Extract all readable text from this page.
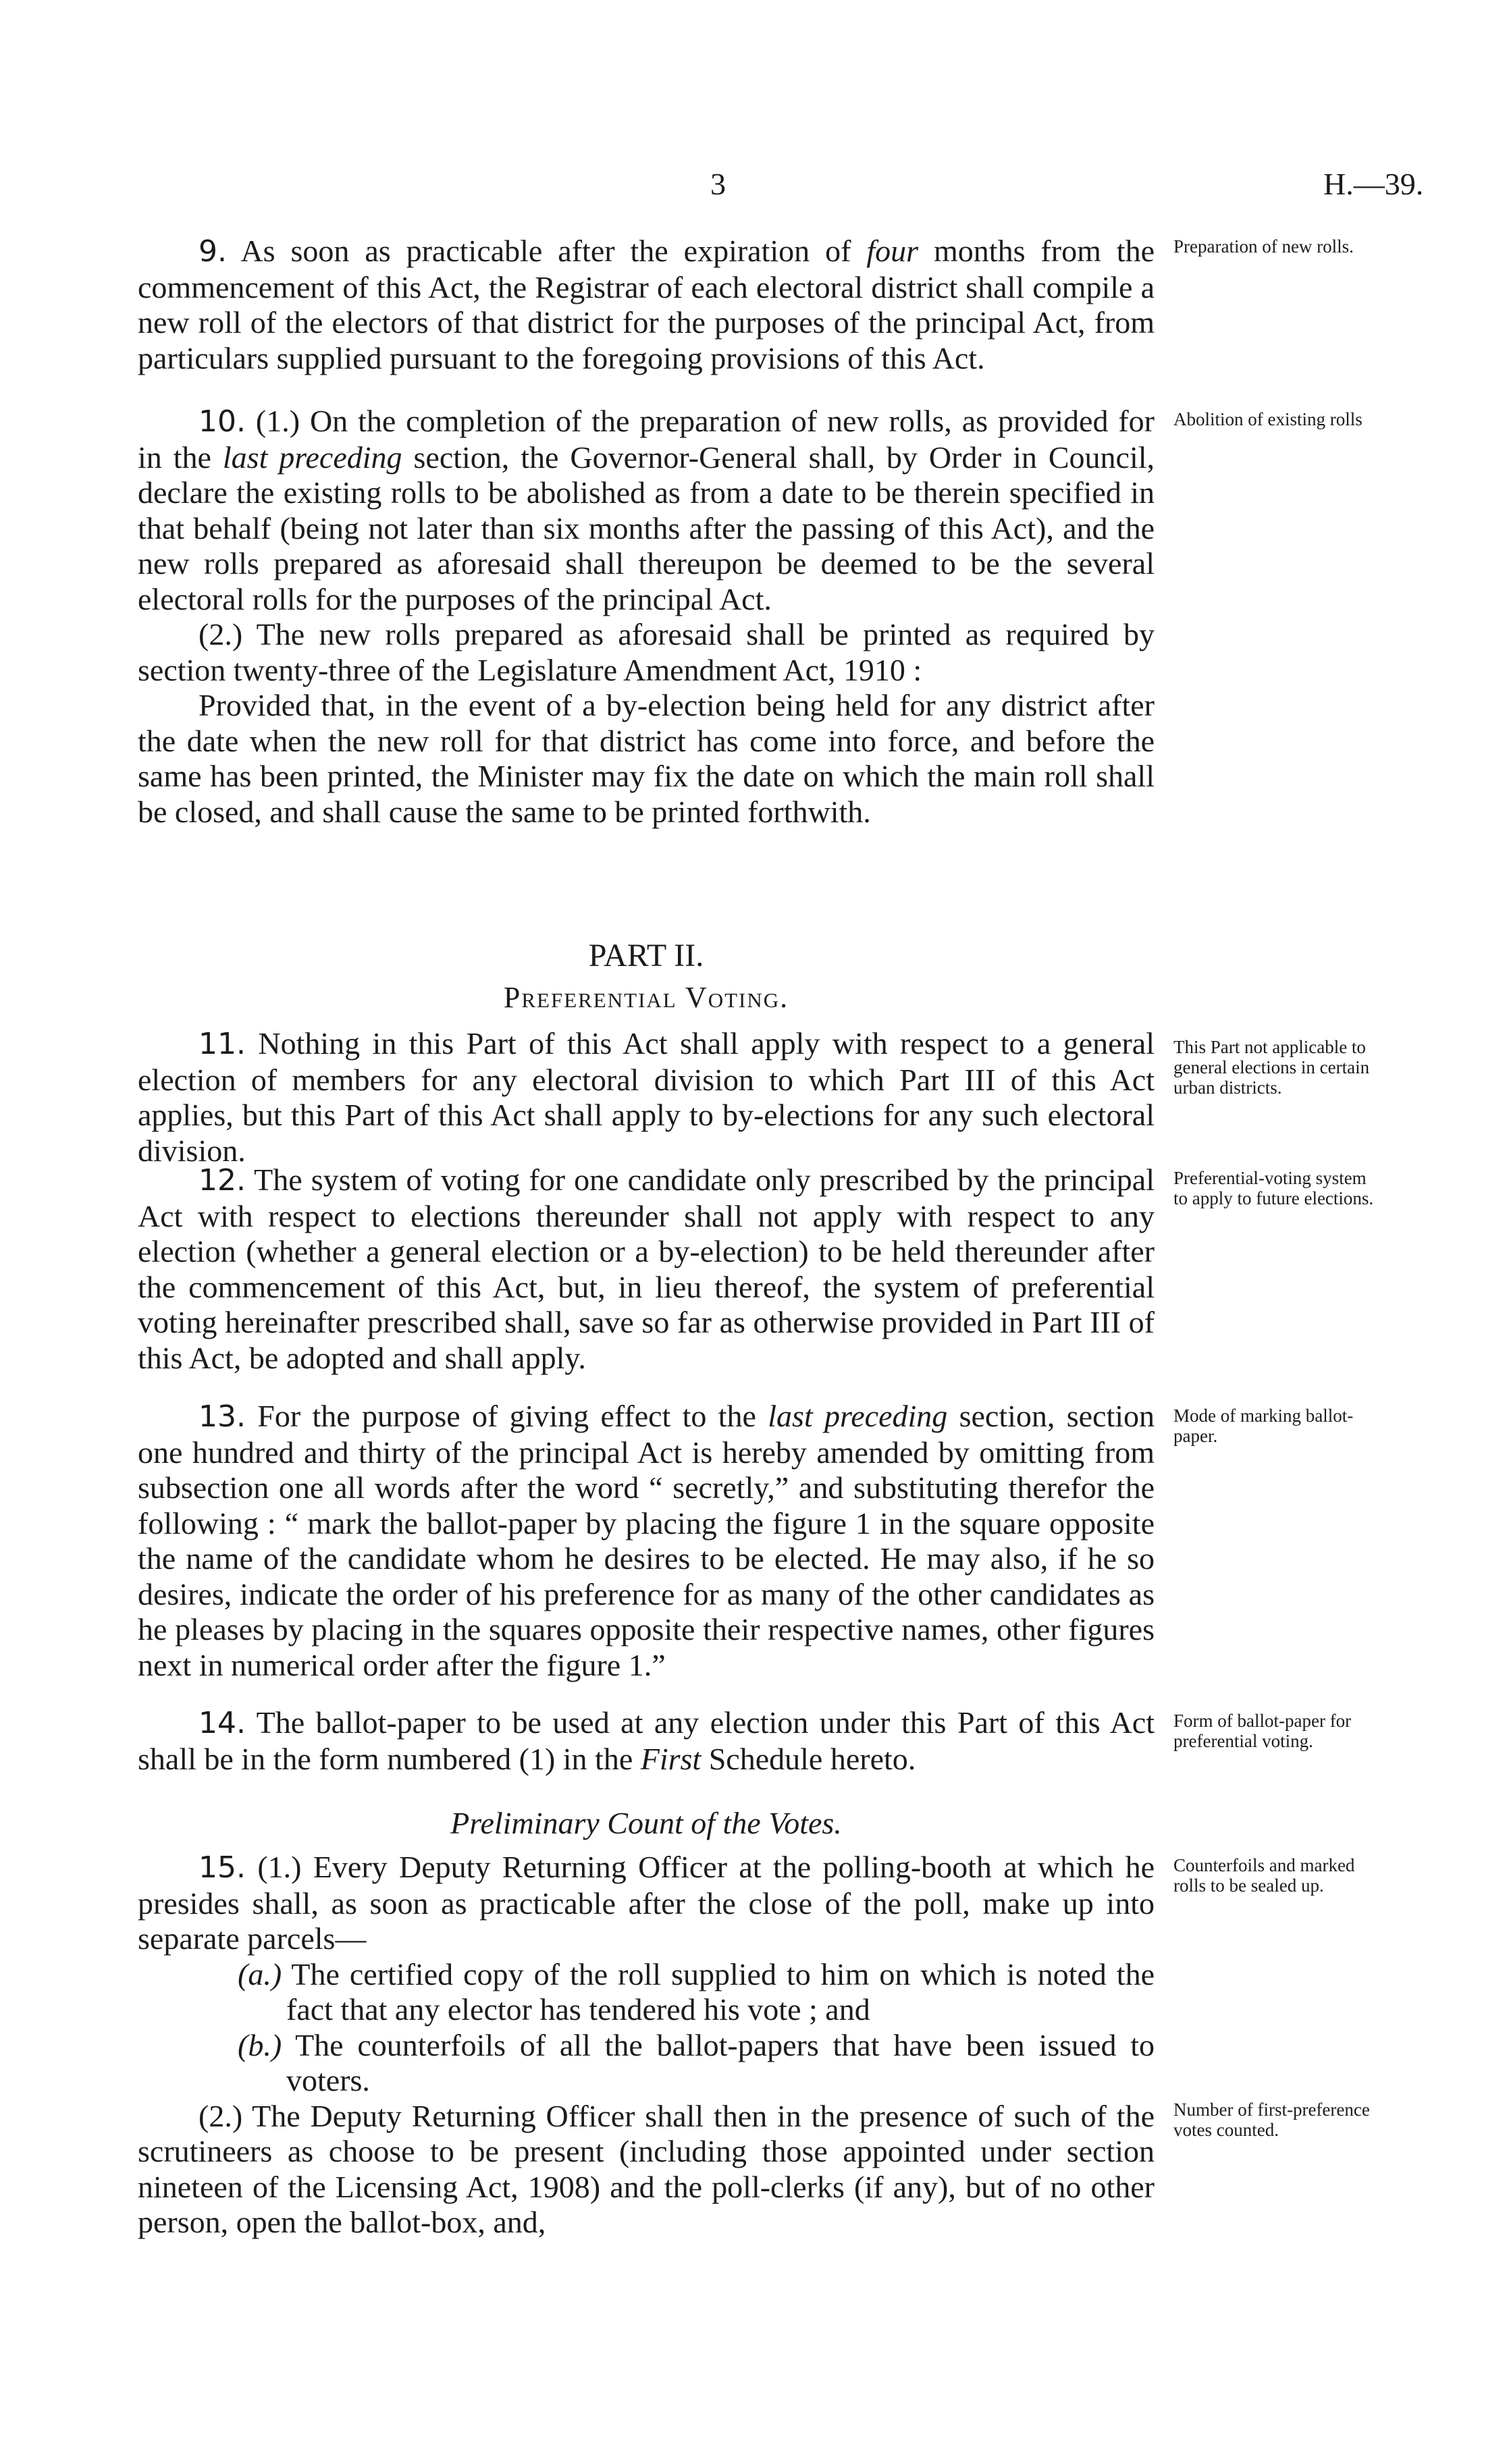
3	H.—39.

9. As soon as practicable after the expiration of four months from the commencement of this Act, the Registrar of each electoral district shall compile a new roll of the electors of that district for the purposes of the principal Act, from particulars supplied pursuant to the foregoing provisions of this Act.

Preparation of new rolls.

10. (1.) On the completion of the preparation of new rolls, as provided for in the last preceding section, the Governor-General shall, by Order in Council, declare the existing rolls to be abolished as from a date to be therein specified in that behalf (being not later than six months after the passing of this Act), and the new rolls prepared as aforesaid shall thereupon be deemed to be the several electoral rolls for the purposes of the principal Act.

(2.) The new rolls prepared as aforesaid shall be printed as required by section twenty-three of the Legislature Amendment Act, 1910 :

Provided that, in the event of a by-election being held for any district after the date when the new roll for that district has come into force, and before the same has been printed, the Minister may fix the date on which the main roll shall be closed, and shall cause the same to be printed forthwith.

Abolition of existing rolls
PART II.
Preferential Voting.

11. Nothing in this Part of this Act shall apply with respect to a general election of members for any electoral division to which Part III of this Act applies, but this Part of this Act shall apply to by-elections for any such electoral division.

This Part not applicable to general elections in certain urban districts.

12. The system of voting for one candidate only prescribed by the principal Act with respect to elections thereunder shall not apply with respect to any election (whether a general election or a by-election) to be held thereunder after the commencement of this Act, but, in lieu thereof, the system of preferential voting hereinafter prescribed shall, save so far as otherwise provided in Part III of this Act, be adopted and shall apply.

Preferential-voting system to apply to future elections.

13. For the purpose of giving effect to the last preceding section, section one hundred and thirty of the principal Act is hereby amended by omitting from subsection one all words after the word “ secretly,” and substituting therefor the following : “ mark the ballot-paper by placing the figure 1 in the square opposite the name of the candidate whom he desires to be elected. He may also, if he so desires, indicate the order of his preference for as many of the other candidates as he pleases by placing in the squares opposite their respective names, other figures next in numerical order after the figure 1.”

Mode of marking ballot-paper.

14. The ballot-paper to be used at any election under this Part of this Act shall be in the form numbered (1) in the First Schedule hereto.

Form of ballot-paper for preferential voting.
Preliminary Count of the Votes.

15. (1.) Every Deputy Returning Officer at the polling-booth at which he presides shall, as soon as practicable after the close of the poll, make up into separate parcels—

(a.) The certified copy of the roll supplied to him on which is noted the fact that any elector has tendered his vote ; and

(b.) The counterfoils of all the ballot-papers that have been issued to voters.

(2.) The Deputy Returning Officer shall then in the presence of such of the scrutineers as choose to be present (including those appointed under section nineteen of the Licensing Act, 1908) and the poll-clerks (if any), but of no other person, open the ballot-box, and,

Counterfoils and marked rolls to be sealed up.
Number of first-preference votes counted.
